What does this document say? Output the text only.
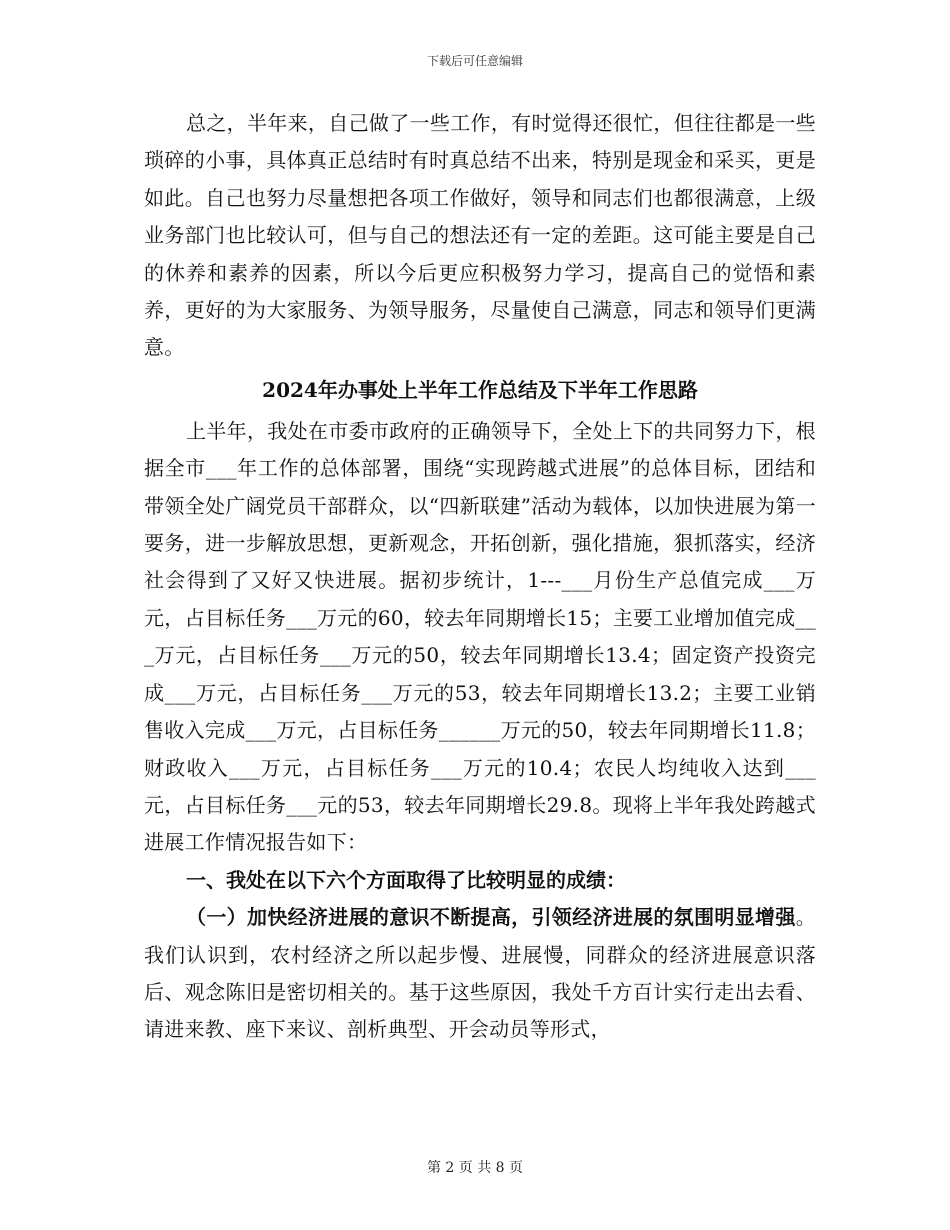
下载后可任意编辑

总之，半年来，自己做了一些工作，有时觉得还很忙，但往往都是一些琐碎的小事，具体真正总结时有时真总结不出来，特别是现金和采买，更是如此。自己也努力尽量想把各项工作做好，领导和同志们也都很满意，上级业务部门也比较认可，但与自己的想法还有一定的差距。这可能主要是自己的休养和素养的因素，所以今后更应积极努力学习，提高自己的觉悟和素养，更好的为大家服务、为领导服务，尽量使自己满意，同志和领导们更满意。

2024年办事处上半年工作总结及下半年工作思路

上半年，我处在市委市政府的正确领导下，全处上下的共同努力下，根据全市___年工作的总体部署，围绕“实现跨越式进展”的总体目标，团结和带领全处广阔党员干部群众，以“四新联建”活动为载体，以加快进展为第一要务，进一步解放思想，更新观念，开拓创新，强化措施，狠抓落实，经济社会得到了又好又快进展。据初步统计，1---___月份生产总值完成___万元，占目标任务___万元的60，较去年同期增长15；主要工业增加值完成___万元，占目标任务___万元的50，较去年同期增长13.4；固定资产投资完成___万元，占目标任务___万元的53，较去年同期增长13.2；主要工业销售收入完成___万元，占目标任务______万元的50，较去年同期增长11.8；财政收入___万元，占目标任务___万元的10.4；农民人均纯收入达到___元，占目标任务___元的53，较去年同期增长29.8。现将上半年我处跨越式进展工作情况报告如下：

一、我处在以下六个方面取得了比较明显的成绩：

（一）加快经济进展的意识不断提高，引领经济进展的氛围明显增强。我们认识到，农村经济之所以起步慢、进展慢，同群众的经济进展意识落后、观念陈旧是密切相关的。基于这些原因，我处千方百计实行走出去看、请进来教、座下来议、剖析典型、开会动员等形式，

第 2 页 共 8 页
